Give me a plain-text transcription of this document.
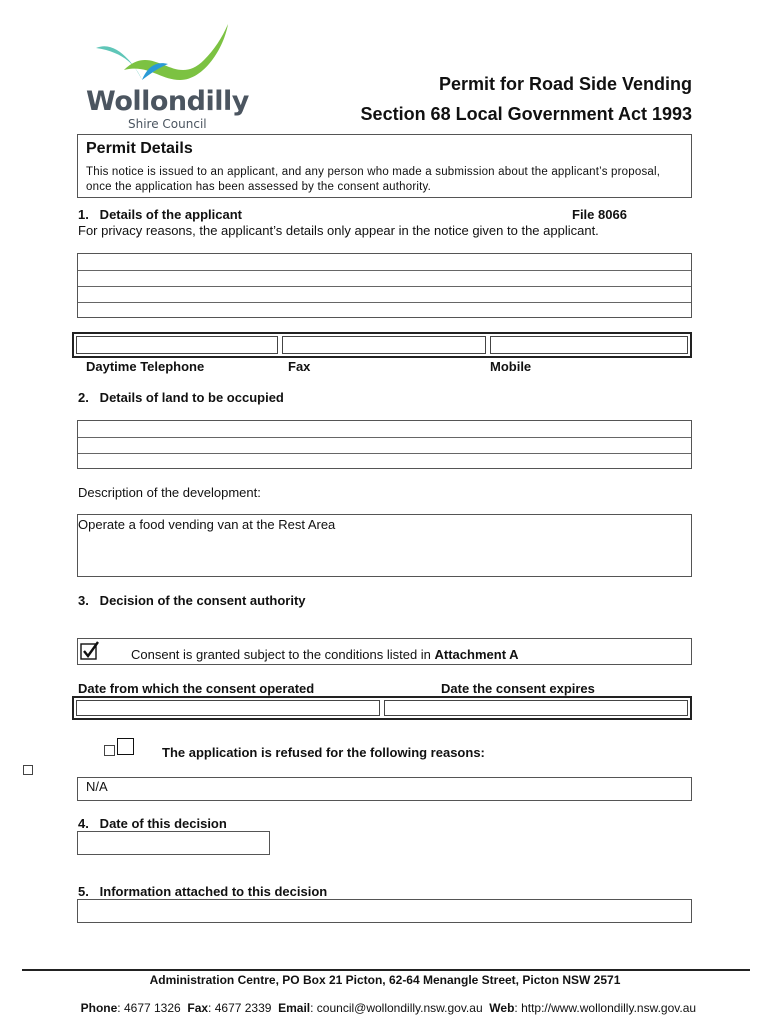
Wollondilly
Shire Council
Permit for Road Side Vending
Section 68 Local Government Act 1993
Permit Details
This notice is issued to an applicant, and any person who made a submission about the applicant’s proposal, once the application has been assessed by the consent authority.
1.   Details of the applicant	File 8066
For privacy reasons, the applicant’s details only appear in the notice given to the applicant.
Daytime Telephone	Fax	Mobile
2.   Details of land to be occupied
Description of the development:
Operate a food vending van at the Rest Area
3.   Decision of the consent authority
Consent is granted subject to the conditions listed in Attachment A
Date from which the consent operated	Date the consent expires
The application is refused for the following reasons:
N/A
4.   Date of this decision
5.   Information attached to this decision
Administration Centre, PO Box 21 Picton, 62-64 Menangle Street, Picton NSW 2571

Phone: 4677 1326  Fax: 4677 2339  Email: council@wollondilly.nsw.gov.au  Web: http://www.wollondilly.nsw.gov.au
